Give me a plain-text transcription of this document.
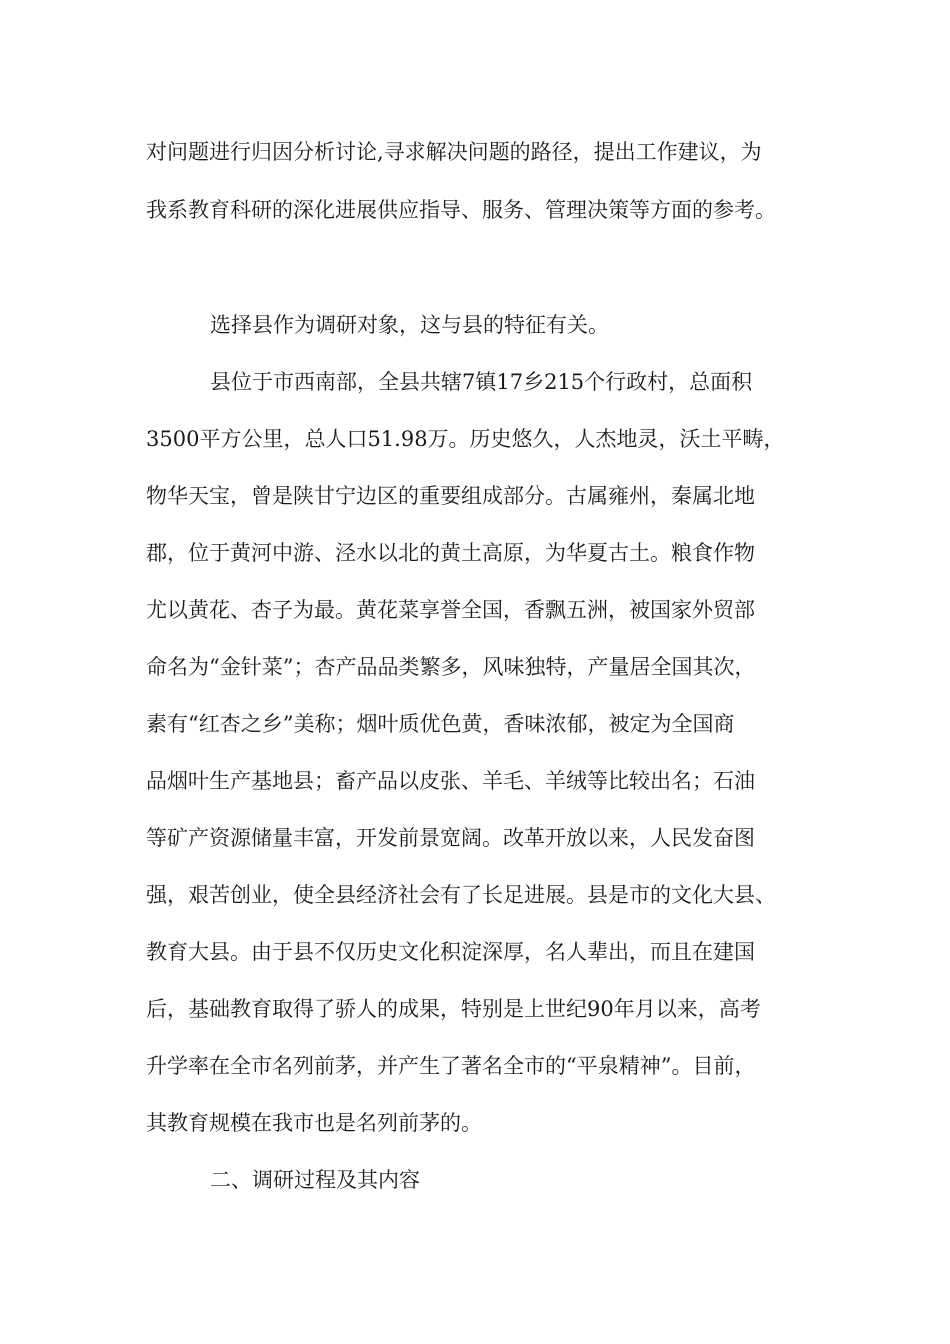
对问题进行归因分析讨论,寻求解决问题的路径，提出工作建议，为
我系教育科研的深化进展供应指导、服务、管理决策等方面的参考。
选择县作为调研对象，这与县的特征有关。
县位于市西南部，全县共辖7镇17乡215个行政村，总面积
3500平方公里，总人口51.98万。历史悠久，人杰地灵，沃土平畴，
物华天宝，曾是陕甘宁边区的重要组成部分。古属雍州，秦属北地
郡，位于黄河中游、泾水以北的黄土高原，为华夏古土。粮食作物
尤以黄花、杏子为最。黄花菜享誉全国，香飘五洲，被国家外贸部
命名为“金针菜”；杏产品品类繁多，风味独特，产量居全国其次，
素有“红杏之乡”美称；烟叶质优色黄，香味浓郁，被定为全国商
品烟叶生产基地县；畜产品以皮张、羊毛、羊绒等比较出名；石油
等矿产资源储量丰富，开发前景宽阔。改革开放以来，人民发奋图
强，艰苦创业，使全县经济社会有了长足进展。县是市的文化大县、
教育大县。由于县不仅历史文化积淀深厚，名人辈出，而且在建国
后，基础教育取得了骄人的成果，特别是上世纪90年月以来，高考
升学率在全市名列前茅，并产生了著名全市的“平泉精神”。目前，
其教育规模在我市也是名列前茅的。
二、调研过程及其内容
